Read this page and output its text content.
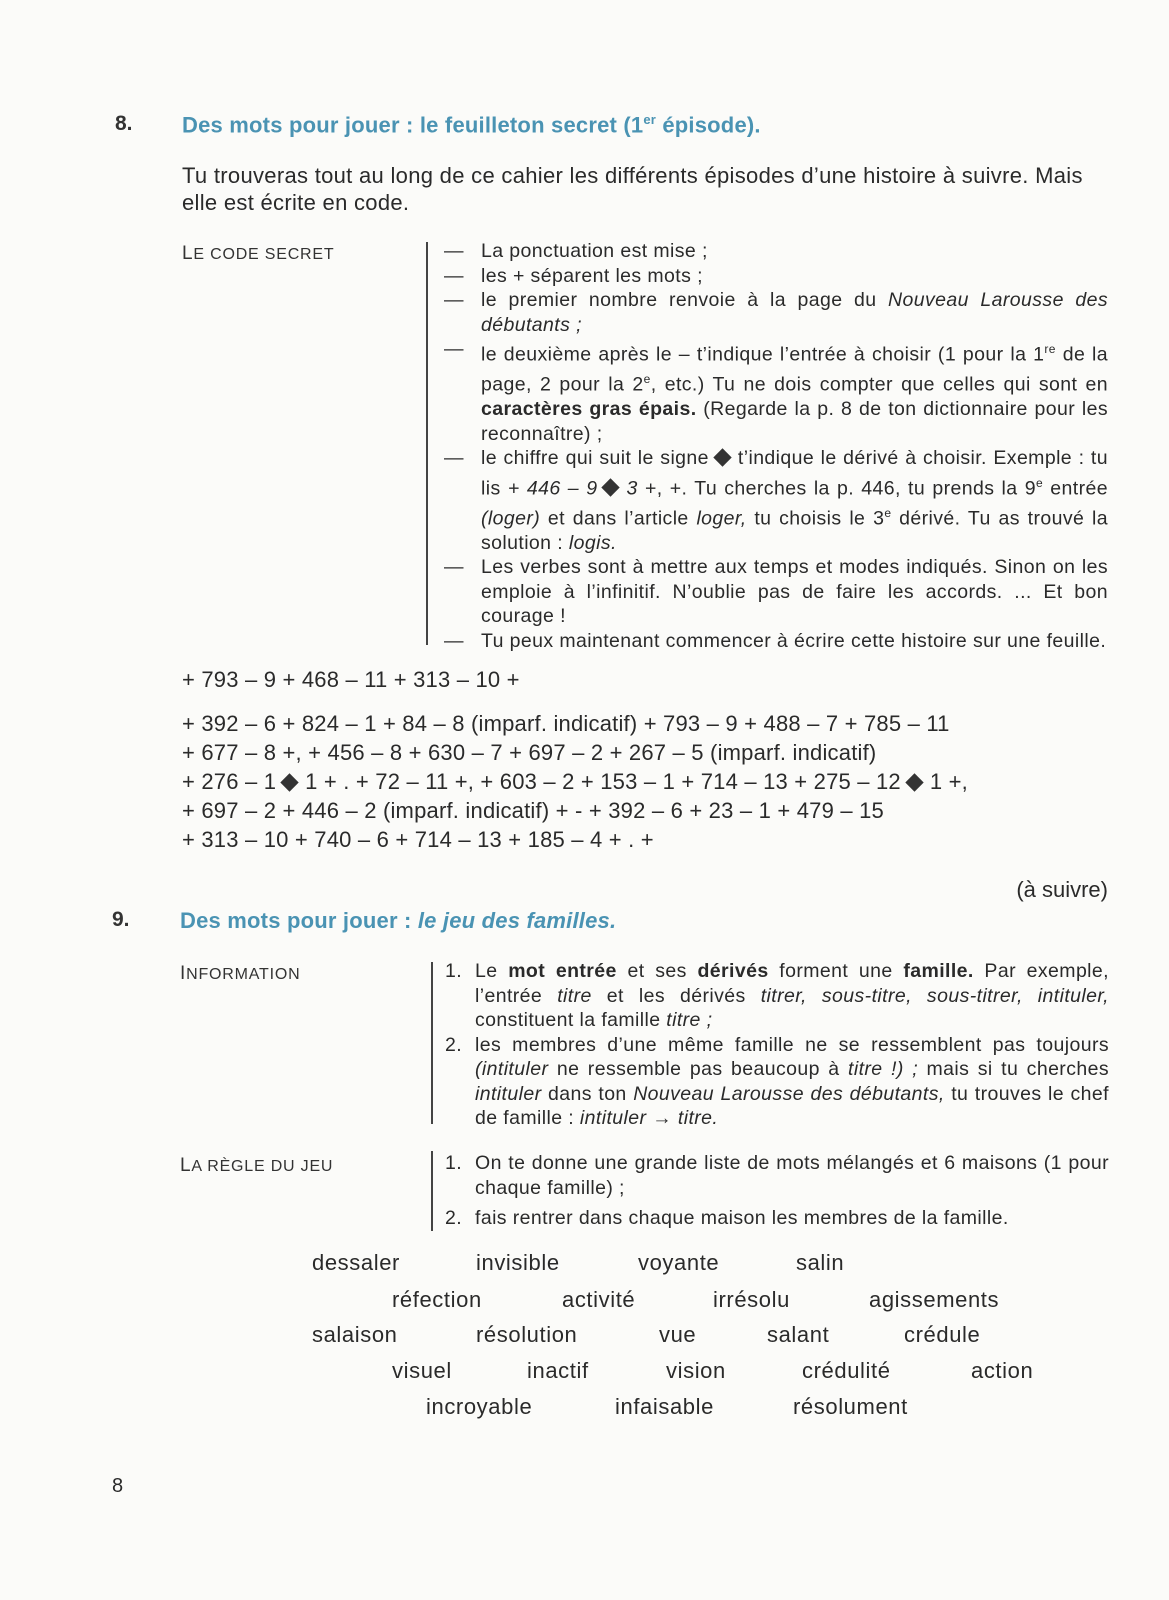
8. Des mots pour jouer : le feuilleton secret (1er épisode).
Tu trouveras tout au long de ce cahier les différents épisodes d’une histoire à suivre. Mais elle est écrite en code.
LE CODE SECRET	— La ponctuation est mise ;
— les + séparent les mots ;
— le premier nombre renvoie à la page du Nouveau Larousse des débutants ;
— le deuxième après le – t’indique l’entrée à choisir (1 pour la 1re de la page, 2 pour la 2e, etc.) Tu ne dois compter que celles qui sont en caractères gras épais. (Regarde la p. 8 de ton dictionnaire pour les reconnaître) ;
— le chiffre qui suit le signe t’indique le dérivé à choisir. Exemple : tu lis + 446 – 9 3 +, +. Tu cherches la p. 446, tu prends la 9e entrée (loger) et dans l’article loger, tu choisis le 3e dérivé. Tu as trouvé la solution : logis.
— Les verbes sont à mettre aux temps et modes indiqués. Sinon on les emploie à l’infinitif. N’oublie pas de faire les accords. ... Et bon courage !
— Tu peux maintenant commencer à écrire cette histoire sur une feuille.
+ 793 – 9 + 468 – 11 + 313 – 10 +
+ 392 – 6 + 824 – 1 + 84 – 8 (imparf. indicatif) + 793 – 9 + 488 – 7 + 785 – 11
+ 677 – 8 +, + 456 – 8 + 630 – 7 + 697 – 2 + 267 – 5 (imparf. indicatif)
+ 276 – 1 1 + . + 72 – 11 +, + 603 – 2 + 153 – 1 + 714 – 13 + 275 – 12 1 +,
+ 697 – 2 + 446 – 2 (imparf. indicatif) + - + 392 – 6 + 23 – 1 + 479 – 15
+ 313 – 10 + 740 – 6 + 714 – 13 + 185 – 4 + . +
(à suivre)
9. Des mots pour jouer : le jeu des familles.
INFORMATION	1. Le mot entrée et ses dérivés forment une famille. Par exemple, l’entrée titre et les dérivés titrer, sous-titre, sous-titrer, intituler, constituent la famille titre ;
2. les membres d’une même famille ne se ressemblent pas toujours (intituler ne ressemble pas beaucoup à titre !) ; mais si tu cherches intituler dans ton Nouveau Larousse des débutants, tu trouves le chef de famille : intituler → titre.
LA RÈGLE DU JEU	1. On te donne une grande liste de mots mélangés et 6 maisons (1 pour chaque famille) ;
2. fais rentrer dans chaque maison les membres de la famille.
dessaler	invisible	voyante	salin
réfection	activité	irrésolu	agissements
salaison	résolution	vue	salant	crédule
visuel	inactif	vision	crédulité	action
incroyable	infaisable	résolument
8
